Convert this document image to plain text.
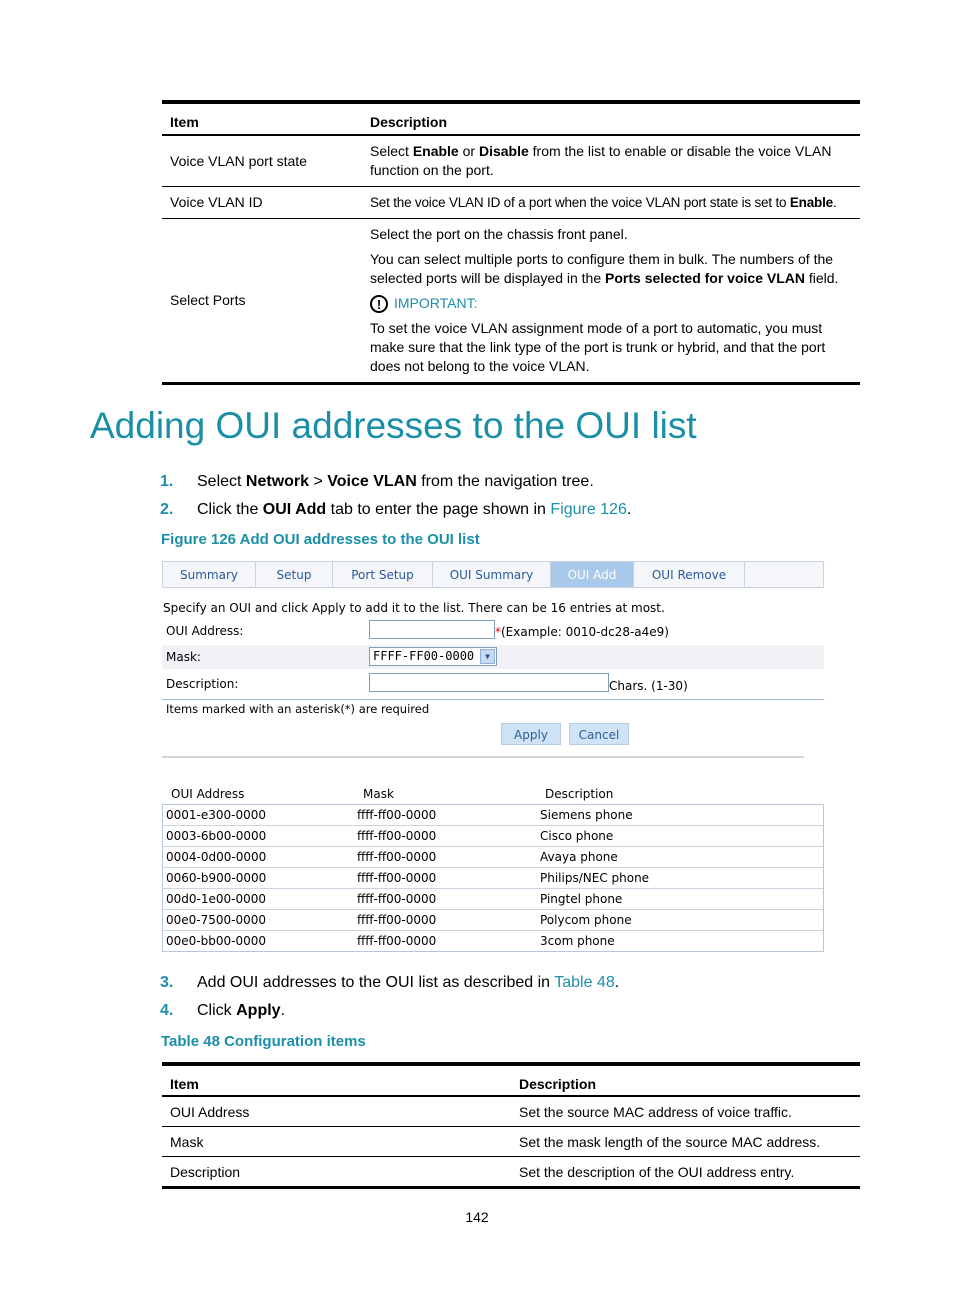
Item	Description
Voice VLAN port state	Select Enable or Disable from the list to enable or disable the voice VLAN function on the port.
Voice VLAN ID	Set the voice VLAN ID of a port when the voice VLAN port state is set to Enable.
Select Ports	Select the port on the chassis front panel.

You can select multiple ports to configure them in bulk. The numbers of the selected ports will be displayed in the Ports selected for voice VLAN field.

! IMPORTANT:

To set the voice VLAN assignment mode of a port to automatic, you must make sure that the link type of the port is trunk or hybrid, and that the port does not belong to the voice VLAN.

Adding OUI addresses to the OUI list
1. Select Network > Voice VLAN from the navigation tree.
2. Click the OUI Add tab to enter the page shown in Figure 126.
Figure 126 Add OUI addresses to the OUI list
Summary	Setup	Port Setup	OUI Summary	OUI Add	OUI Remove
Specify an OUI and click Apply to add it to the list. There can be 16 entries at most.
OUI Address:	*(Example: 0010-dc28-a4e9)
Mask:	FFFF-FF00-0000	▼
Description:	Chars. (1-30)
Items marked with an asterisk(*) are required
Apply	Cancel
OUI Address	Mask	Description
0001-e300-0000	ffff-ff00-0000	Siemens phone
0003-6b00-0000	ffff-ff00-0000	Cisco phone
0004-0d00-0000	ffff-ff00-0000	Avaya phone
0060-b900-0000	ffff-ff00-0000	Philips/NEC phone
00d0-1e00-0000	ffff-ff00-0000	Pingtel phone
00e0-7500-0000	ffff-ff00-0000	Polycom phone
00e0-bb00-0000	ffff-ff00-0000	3com phone
3. Add OUI addresses to the OUI list as described in Table 48.
4. Click Apply.
Table 48 Configuration items
Item	Description
OUI Address	Set the source MAC address of voice traffic.
Mask	Set the mask length of the source MAC address.
Description	Set the description of the OUI address entry.
142
